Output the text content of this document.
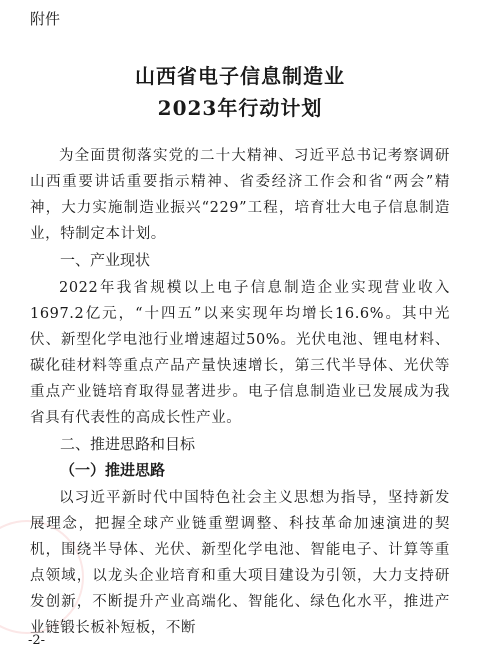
附件
山西省电子信息制造业
2023年行动计划
为全面贯彻落实党的二十大精神、习近平总书记考察调研山西重要讲话重要指示精神、省委经济工作会和省“两会”精神，大力实施制造业振兴“229”工程，培育壮大电子信息制造业，特制定本计划。
一、产业现状
2022年我省规模以上电子信息制造企业实现营业收入1697.2亿元，“十四五”以来实现年均增长16.6%。其中光伏、新型化学电池行业增速超过50%。光伏电池、锂电材料、碳化硅材料等重点产品产量快速增长，第三代半导体、光伏等重点产业链培育取得显著进步。电子信息制造业已发展成为我省具有代表性的高成长性产业。
二、推进思路和目标
（一）推进思路
以习近平新时代中国特色社会主义思想为指导，坚持新发展理念，把握全球产业链重塑调整、科技革命加速演进的契机，围绕半导体、光伏、新型化学电池、智能电子、计算等重点领域，以龙头企业培育和重大项目建设为引领，大力支持研发创新，不断提升产业高端化、智能化、绿色化水平，推进产业链锻长板补短板，不断
-2-
